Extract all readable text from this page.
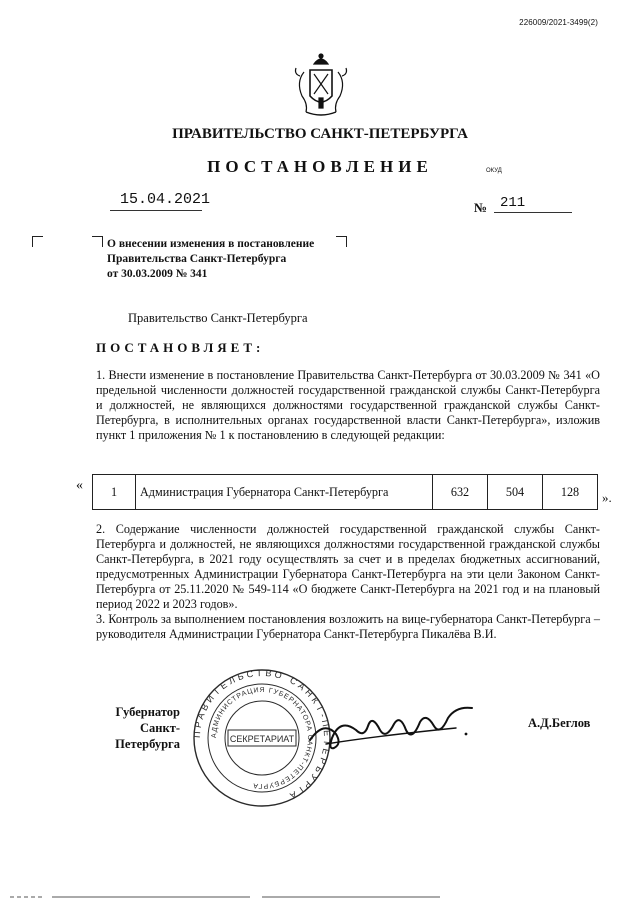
226009/2021-3499(2)
ПРАВИТЕЛЬСТВО САНКТ-ПЕТЕРБУРГА
ПОСТАНОВЛЕНИЕ	ОКУД
15.04.2021	№ 211
О внесении изменения в постановление
Правительства Санкт-Петербурга
от 30.03.2009 № 341
Правительство Санкт-Петербурга
ПОСТАНОВЛЯЕТ:
1. Внести изменение в постановление Правительства Санкт-Петербурга от 30.03.2009 № 341 «О предельной численности должностей государственной гражданской службы Санкт-Петербурга и должностей, не являющихся должностями государственной гражданской службы Санкт-Петербурга, в исполнительных органах государственной власти Санкт-Петербурга», изложив пункт 1 приложения № 1 к постановлению в следующей редакции:
« 1	Администрация Губернатора Санкт-Петербурга	632	504	128 ».
2. Содержание численности должностей государственной гражданской службы Санкт-Петербурга и должностей, не являющихся должностями государственной гражданской службы Санкт-Петербурга, в 2021 году осуществлять за счет и в пределах бюджетных ассигнований, предусмотренных Администрации Губернатора Санкт-Петербурга на эти цели Законом Санкт-Петербурга от 25.11.2020 № 549-114 «О бюджете Санкт-Петербурга на 2021 год и на плановый период 2022 и 2023 годов».
3. Контроль за выполнением постановления возложить на вице-губернатора Санкт-Петербурга – руководителя Администрации Губернатора Санкт-Петербурга Пикалёва В.И.
Губернатор
Санкт-Петербурга
ПРАВИТЕЛЬСТВО САНКТ-ПЕТЕРБУРГА
АДМИНИСТРАЦИЯ ГУБЕРНАТОРА САНКТ-ПЕТЕРБУРГА
СЕКРЕТАРИАТ
А.Д.Беглов
